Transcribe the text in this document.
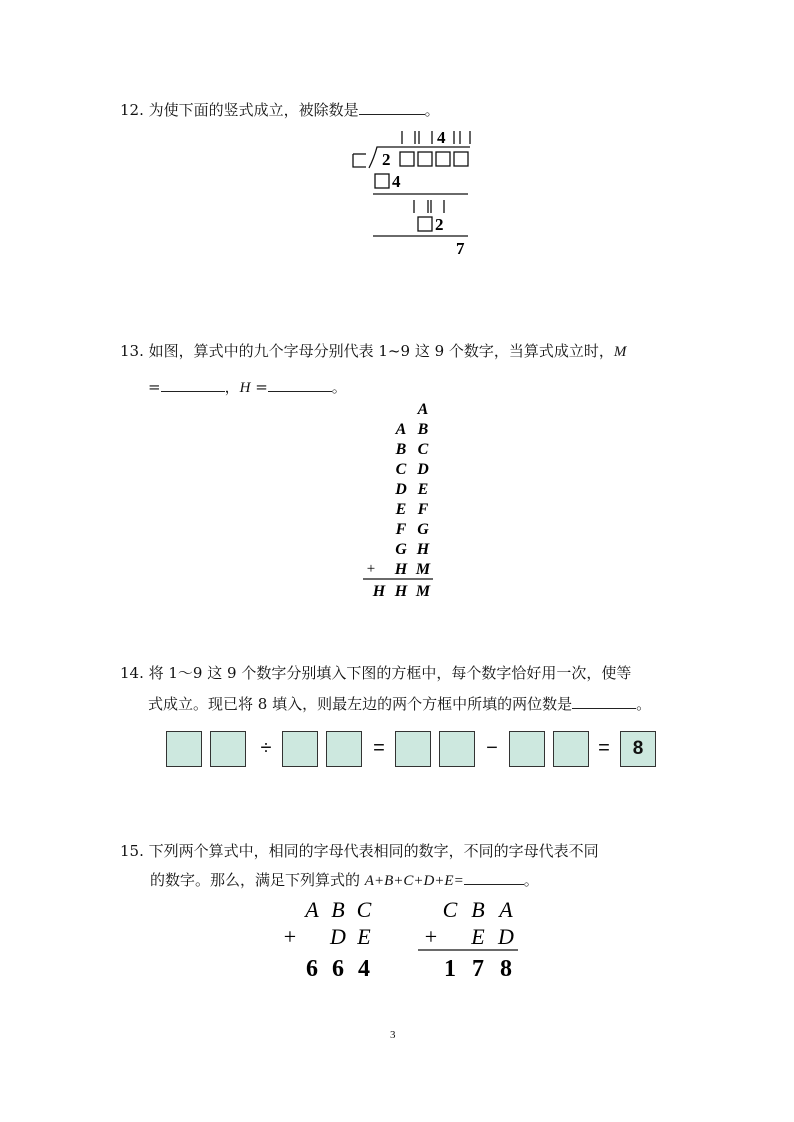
12. 为使下面的竖式成立，被除数是	。
4
2
4
2
7
13. 如图，算式中的九个字母分别代表 1~9 这 9 个数字，当算式成立时，M
=	，H =	。
A
A B
B C
C D
D E
E F
F G
G H
H M
H H M
+
14. 将 1～9 这 9 个数字分别填入下图的方框中，每个数字恰好用一次，使等
式成立。现已将 8 填入，则最左边的两个方框中所填的两位数是	。
÷	=	−	=	8
15. 下列两个算式中，相同的字母代表相同的数字，不同的字母代表不同
的数字。那么，满足下列算式的 A+B+C+D+E=	。
A B C
D E
C B A
E D
+	+
6 6 4	1 7 8
3
